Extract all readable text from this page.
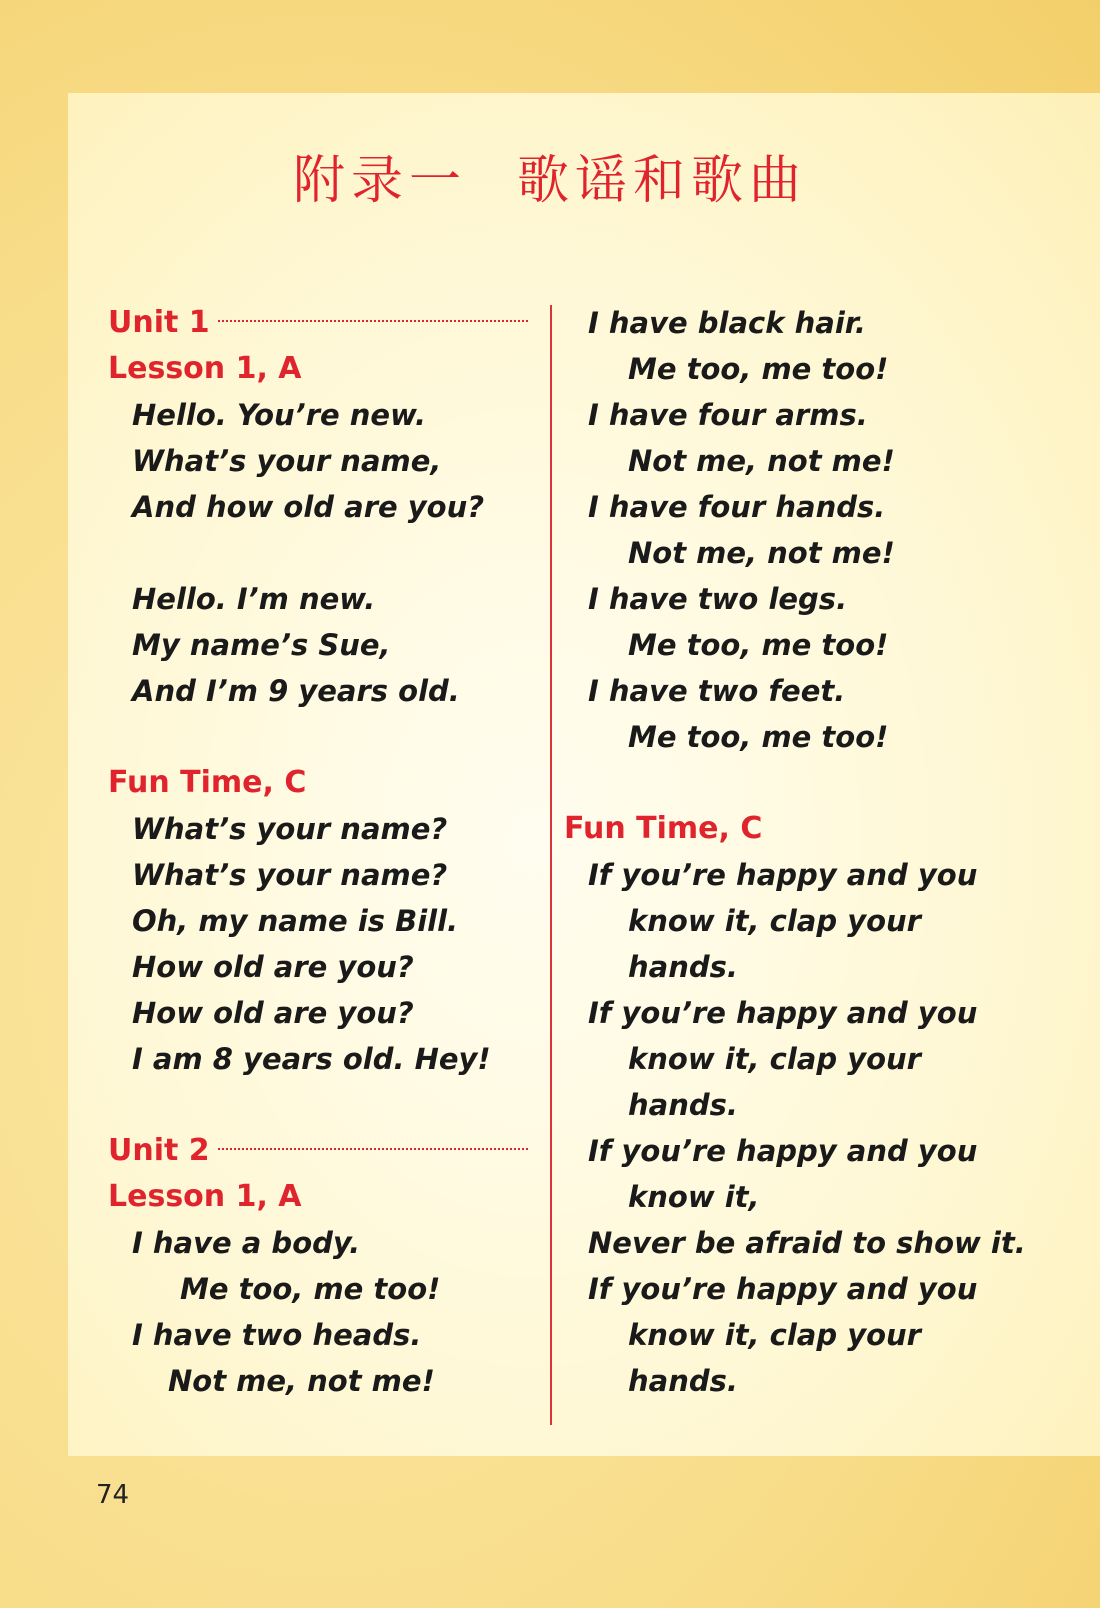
附录一 歌谣和歌曲
Unit 1
Lesson 1, A
Hello. You’re new.
What’s your name,
And how old are you?
Hello. I’m new.
My name’s Sue,
And I’m 9 years old.
Fun Time, C
What’s your name?
What’s your name?
Oh, my name is Bill.
How old are you?
How old are you?
I am 8 years old. Hey!
Unit 2
Lesson 1, A
I have a body.
Me too, me too!
I have two heads.
Not me, not me!
I have black hair.
Me too, me too!
I have four arms.
Not me, not me!
I have four hands.
Not me, not me!
I have two legs.
Me too, me too!
I have two feet.
Me too, me too!
Fun Time, C
If you’re happy and you
know it, clap your
hands.
If you’re happy and you
know it, clap your
hands.
If you’re happy and you
know it,
Never be afraid to show it.
If you’re happy and you
know it, clap your
hands.
74
